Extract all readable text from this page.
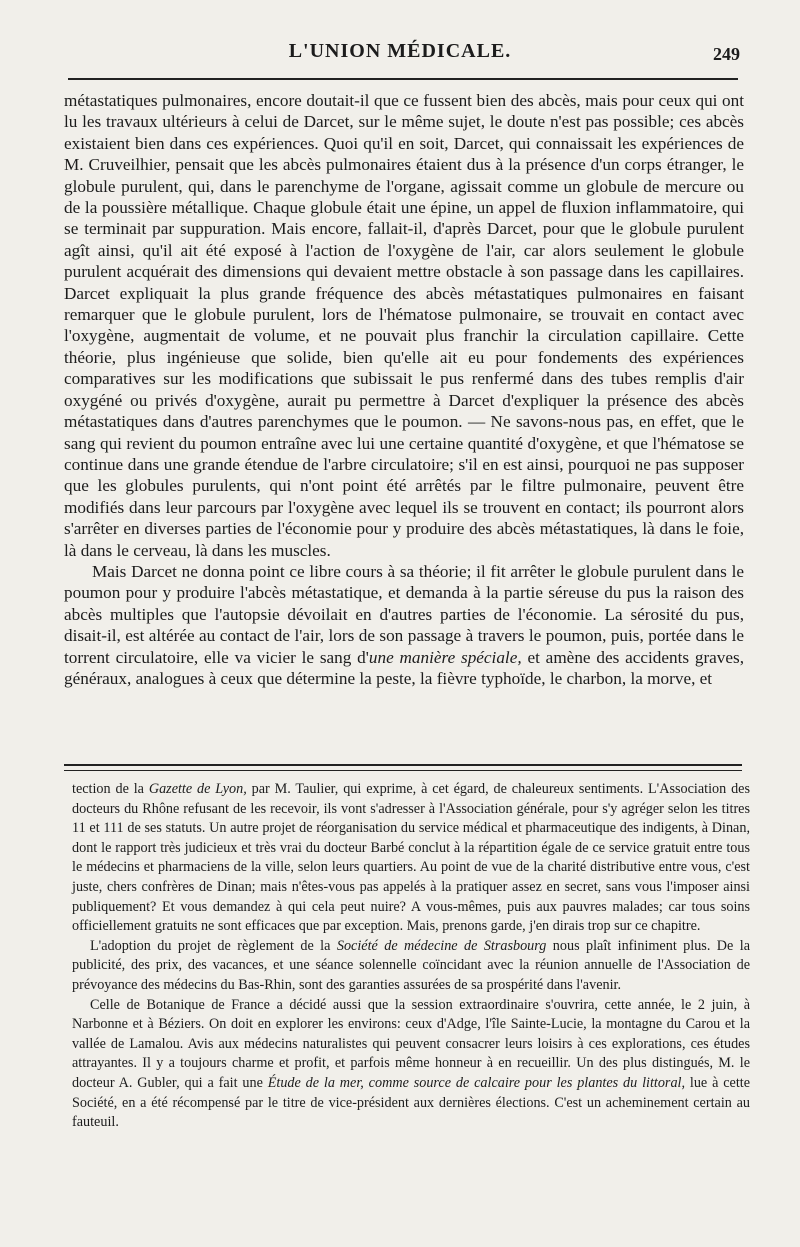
L'UNION MÉDICALE.	249

métastatiques pulmonaires, encore doutait-il que ce fussent bien des abcès, mais pour ceux qui ont lu les travaux ultérieurs à celui de Darcet, sur le même sujet, le doute n'est pas possible; ces abcès existaient bien dans ces expériences. Quoi qu'il en soit, Darcet, qui connaissait les expériences de M. Cruveilhier, pensait que les abcès pulmonaires étaient dus à la présence d'un corps étranger, le globule purulent, qui, dans le parenchyme de l'organe, agissait comme un globule de mercure ou de la poussière métallique. Chaque globule était une épine, un appel de fluxion inflammatoire, qui se terminait par suppuration. Mais encore, fallait-il, d'après Darcet, pour que le globule purulent agît ainsi, qu'il ait été exposé à l'action de l'oxygène de l'air, car alors seulement le globule purulent acquérait des dimensions qui devaient mettre obstacle à son passage dans les capillaires. Darcet expliquait la plus grande fréquence des abcès métastatiques pulmonaires en faisant remarquer que le globule purulent, lors de l'hématose pulmonaire, se trouvait en contact avec l'oxygène, augmentait de volume, et ne pouvait plus franchir la circulation capillaire. Cette théorie, plus ingénieuse que solide, bien qu'elle ait eu pour fondements des expériences comparatives sur les modifications que subissait le pus renfermé dans des tubes remplis d'air oxygéné ou privés d'oxygène, aurait pu permettre à Darcet d'expliquer la présence des abcès métastatiques dans d'autres parenchymes que le poumon. — Ne savons-nous pas, en effet, que le sang qui revient du poumon entraîne avec lui une certaine quantité d'oxygène, et que l'hématose se continue dans une grande étendue de l'arbre circulatoire; s'il en est ainsi, pourquoi ne pas supposer que les globules purulents, qui n'ont point été arrêtés par le filtre pulmonaire, peuvent être modifiés dans leur parcours par l'oxygène avec lequel ils se trouvent en contact; ils pourront alors s'arrêter en diverses parties de l'économie pour y produire des abcès métastatiques, là dans le foie, là dans le cerveau, là dans les muscles.

Mais Darcet ne donna point ce libre cours à sa théorie; il fit arrêter le globule purulent dans le poumon pour y produire l'abcès métastatique, et demanda à la partie séreuse du pus la raison des abcès multiples que l'autopsie dévoilait en d'autres parties de l'économie. La sérosité du pus, disait-il, est altérée au contact de l'air, lors de son passage à travers le poumon, puis, portée dans le torrent circulatoire, elle va vicier le sang d'une manière spéciale, et amène des accidents graves, généraux, analogues à ceux que détermine la peste, la fièvre typhoïde, le charbon, la morve, et

tection de la Gazette de Lyon, par M. Taulier, qui exprime, à cet égard, de chaleureux sentiments. L'Association des docteurs du Rhône refusant de les recevoir, ils vont s'adresser à l'Association générale, pour s'y agréger selon les titres 11 et 111 de ses statuts. Un autre projet de réorganisation du service médical et pharmaceutique des indigents, à Dinan, dont le rapport très judicieux et très vrai du docteur Barbé conclut à la répartition égale de ce service gratuit entre tous le médecins et pharmaciens de la ville, selon leurs quartiers. Au point de vue de la charité distributive entre vous, c'est juste, chers confrères de Dinan; mais n'êtes-vous pas appelés à la pratiquer assez en secret, sans vous l'imposer ainsi publiquement? Et vous demandez à qui cela peut nuire? A vous-mêmes, puis aux pauvres malades; car tous soins officiellement gratuits ne sont efficaces que par exception. Mais, prenons garde, j'en dirais trop sur ce chapitre.

L'adoption du projet de règlement de la Société de médecine de Strasbourg nous plaît infiniment plus. De la publicité, des prix, des vacances, et une séance solennelle coïncidant avec la réunion annuelle de l'Association de prévoyance des médecins du Bas-Rhin, sont des garanties assurées de sa prospérité dans l'avenir.

Celle de Botanique de France a décidé aussi que la session extraordinaire s'ouvrira, cette année, le 2 juin, à Narbonne et à Béziers. On doit en explorer les environs: ceux d'Adge, l'île Sainte-Lucie, la montagne du Carou et la vallée de Lamalou. Avis aux médecins naturalistes qui peuvent consacrer leurs loisirs à ces explorations, ces études attrayantes. Il y a toujours charme et profit, et parfois même honneur à en recueillir. Un des plus distingués, M. le docteur A. Gubler, qui a fait une Étude de la mer, comme source de calcaire pour les plantes du littoral, lue à cette Société, en a été récompensé par le titre de vice-président aux dernières élections. C'est un acheminement certain au fauteuil.
